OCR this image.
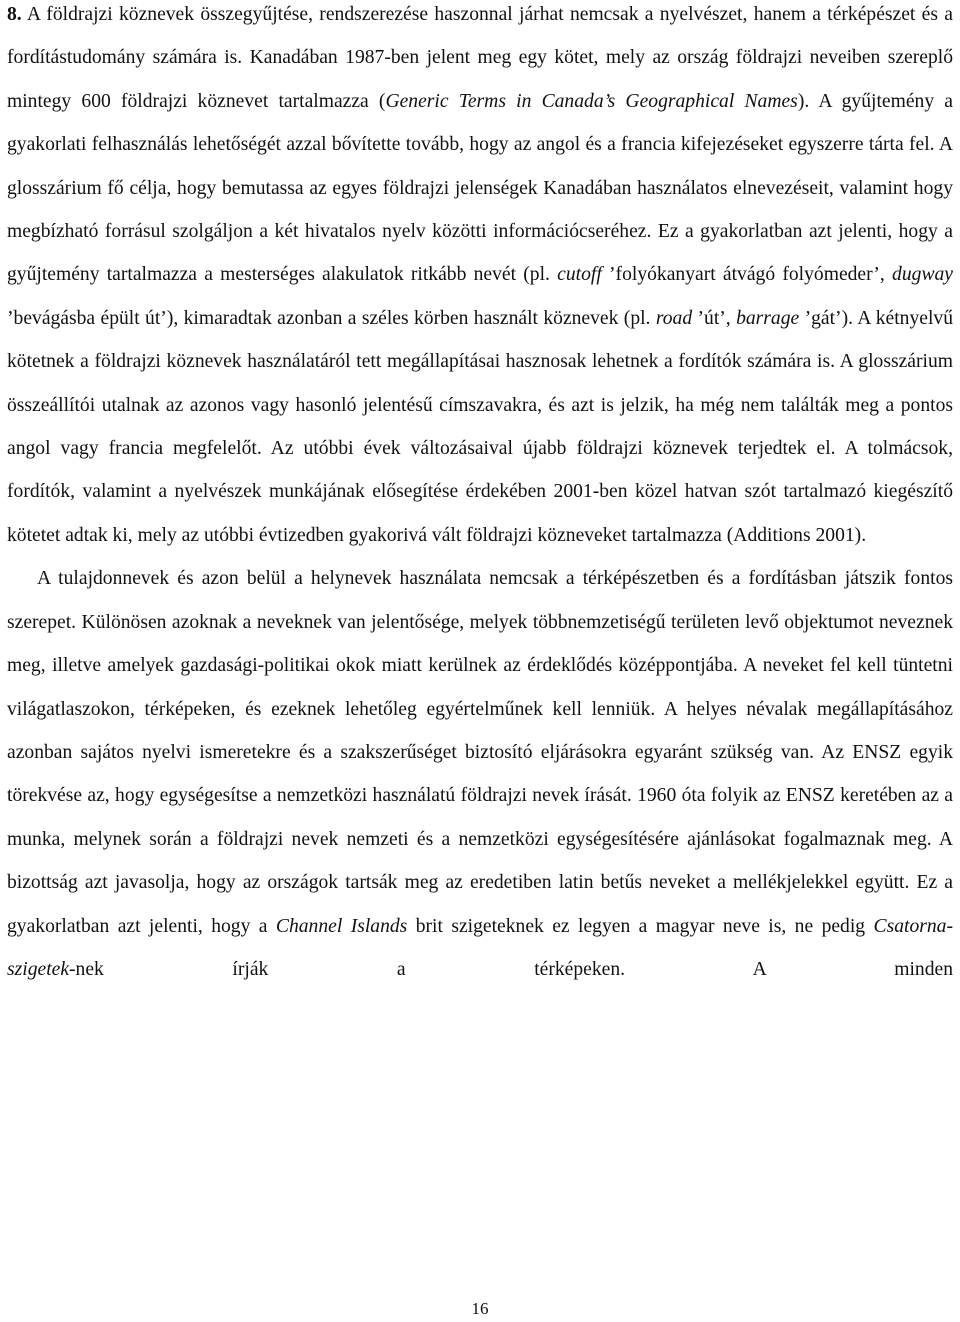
8. A földrajzi köznevek összegyűjtése, rendszerezése haszonnal járhat nemcsak a nyelvészet, hanem a térképészet és a fordítástudomány számára is. Kanadában 1987-ben jelent meg egy kötet, mely az ország földrajzi neveiben szereplő mintegy 600 földrajzi köznevet tartalmazza (Generic Terms in Canada’s Geographical Names). A gyűjtemény a gyakorlati felhasználás lehetőségét azzal bővítette tovább, hogy az angol és a francia kifejezéseket egyszerre tárta fel. A glosszárium fő célja, hogy bemutassa az egyes földrajzi jelenségek Kanadában használatos elnevezéseit, valamint hogy megbízható forrásul szolgáljon a két hivatalos nyelv közötti információcseréhez. Ez a gyakorlatban azt jelenti, hogy a gyűjtemény tartalmazza a mesterséges alakulatok ritkább nevét (pl. cutoff ’folyókanyart átvágó folyómeder’, dugway ’bevágásba épült út’), kimaradtak azonban a széles körben használt köznevek (pl. road ’út’, barrage ’gát’). A kétnyelvű kötetnek a földrajzi köznevek használatáról tett megállapításai hasznosak lehetnek a fordítók számára is. A glosszárium összeállítói utalnak az azonos vagy hasonló jelentésű címszavakra, és azt is jelzik, ha még nem találták meg a pontos angol vagy francia megfelelőt. Az utóbbi évek változásaival újabb földrajzi köznevek terjedtek el. A tolmácsok, fordítók, valamint a nyelvészek munkájának elősegítése érdekében 2001-ben közel hatvan szót tartalmazó kiegészítő kötetet adtak ki, mely az utóbbi évtizedben gyakorivá vált földrajzi közneveket tartalmazza (Additions 2001).

A tulajdonnevek és azon belül a helynevek használata nemcsak a térképészetben és a fordításban játszik fontos szerepet. Különösen azoknak a neveknek van jelentősége, melyek többnemzetiségű területen levő objektumot neveznek meg, illetve amelyek gazdasági-politikai okok miatt kerülnek az érdeklődés középpontjába. A neveket fel kell tüntetni világatlaszokon, térképeken, és ezeknek lehetőleg egyértelműnek kell lenniük. A helyes névalak megállapításához azonban sajátos nyelvi ismeretekre és a szakszerűséget biztosító eljárásokra egyaránt szükség van. Az ENSZ egyik törekvése az, hogy egységesítse a nemzetközi használatú földrajzi nevek írását. 1960 óta folyik az ENSZ keretében az a munka, melynek során a földrajzi nevek nemzeti és a nemzetközi egységesítésére ajánlásokat fogalmaznak meg. A bizottság azt javasolja, hogy az országok tartsák meg az eredetiben latin betűs neveket a mellékjelekkel együtt. Ez a gyakorlatban azt jelenti, hogy a Channel Islands brit szigeteknek ez legyen a magyar neve is, ne pedig Csatorna-szigetek-nek írják a térképeken. A minden

16
